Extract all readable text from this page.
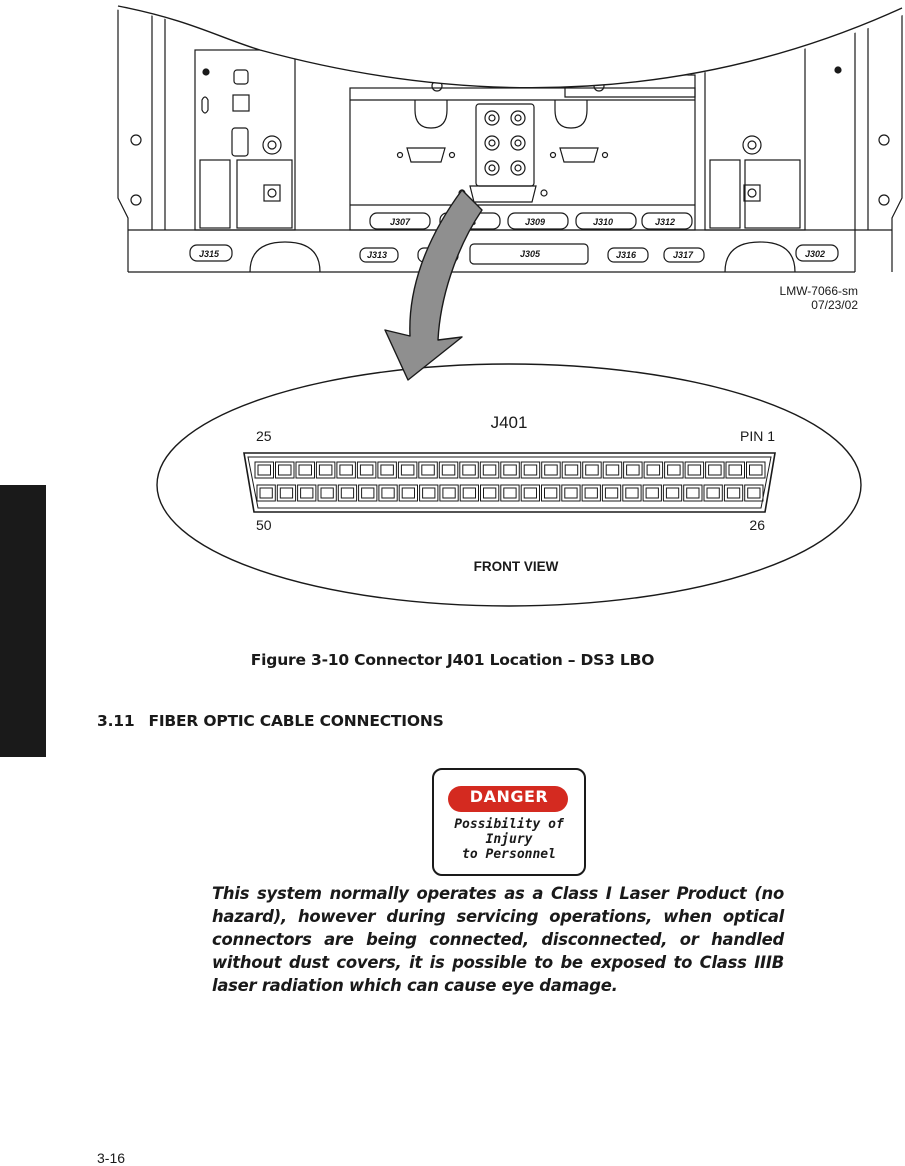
J307	J309	J310	J312
J315	J313	J305	J316	J317	J302
LMW-7066-sm
07/23/02
J401
25	PIN 1
50	26
FRONT VIEW
Figure 3-10 Connector J401 Location – DS3 LBO
3.11 FIBER OPTIC CABLE CONNECTIONS
DANGER
Possibility of
Injury
to Personnel
This system normally operates as a Class I Laser Product (no hazard), however during servicing operations, when optical connectors are being connected, disconnected, or handled without dust covers, it is possible to be exposed to Class IIIB laser radiation which can cause eye damage.
3-16
